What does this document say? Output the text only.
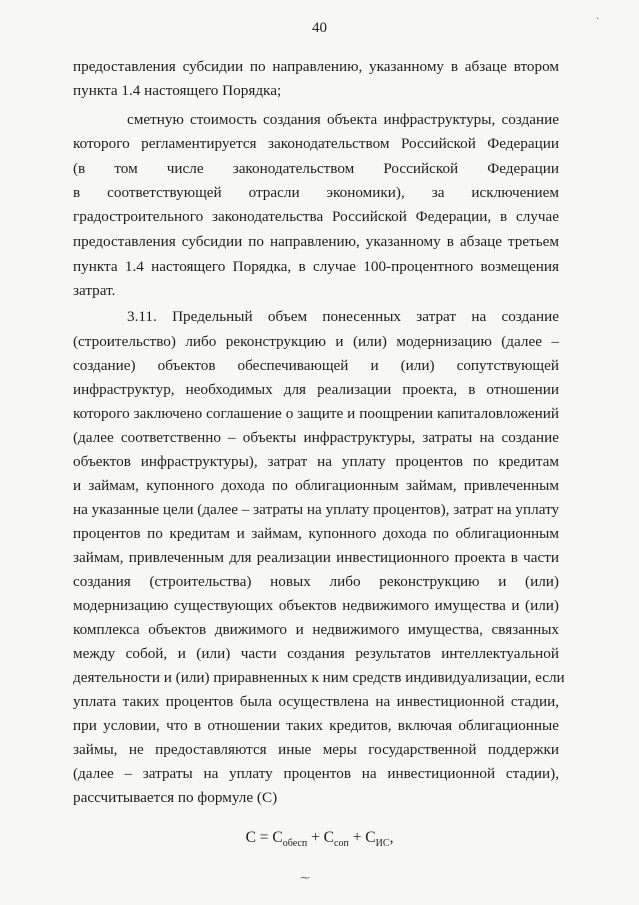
40
предоставления субсидии по направлению, указанному в абзаце втором
пункта 1.4 настоящего Порядка;
сметную стоимость создания объекта инфраструктуры, создание
которого регламентируется законодательством Российской Федерации
(в том числе законодательством Российской Федерации
в соответствующей отрасли экономики), за исключением
градостроительного законодательства Российской Федерации, в случае
предоставления субсидии по направлению, указанному в абзаце третьем
пункта 1.4 настоящего Порядка, в случае 100-процентного возмещения
затрат.
3.11. Предельный объем понесенных затрат на создание
(строительство) либо реконструкцию и (или) модернизацию (далее –
создание) объектов обеспечивающей и (или) сопутствующей
инфраструктур, необходимых для реализации проекта, в отношении
которого заключено соглашение о защите и поощрении капиталовложений
(далее соответственно – объекты инфраструктуры, затраты на создание
объектов инфраструктуры), затрат на уплату процентов по кредитам
и займам, купонного дохода по облигационным займам, привлеченным
на указанные цели (далее – затраты на уплату процентов), затрат на уплату
процентов по кредитам и займам, купонного дохода по облигационным
займам, привлеченным для реализации инвестиционного проекта в части
создания (строительства) новых либо реконструкцию и (или)
модернизацию существующих объектов недвижимого имущества и (или)
комплекса объектов движимого и недвижимого имущества, связанных
между собой, и (или) части создания результатов интеллектуальной
деятельности и (или) приравненных к ним средств индивидуализации, если
уплата таких процентов была осуществлена на инвестиционной стадии,
при условии, что в отношении таких кредитов, включая облигационные
займы, не предоставляются иные меры государственной поддержки
(далее – затраты на уплату процентов на инвестиционной стадии),
рассчитывается по формуле (С)
$С = С_{обесп} + С_{соп} + С_{ИС}$,
⁓
·
